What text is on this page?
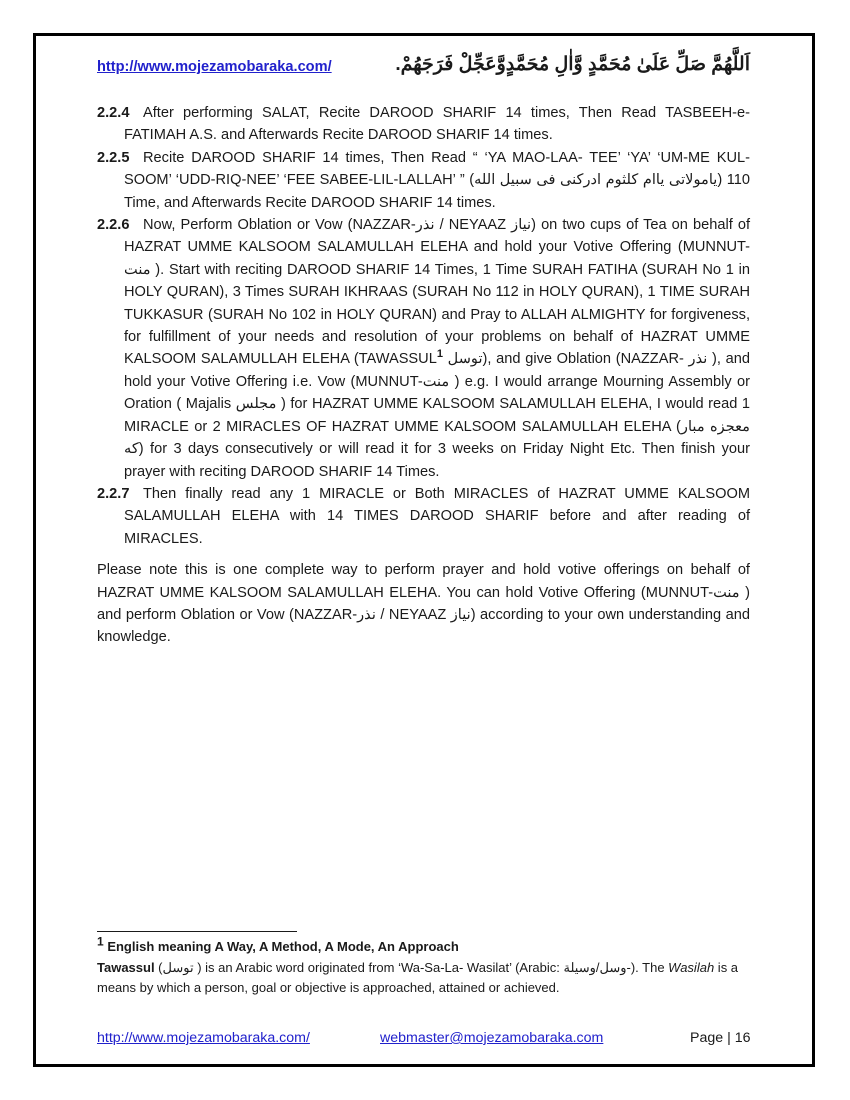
http://www.mojezamobaraka.com/	اَللَّهُمَّ صَلِّ عَلَىٰ مُحَمَّدٍ وَّاٰلِ مُحَمَّدٍوَّعَجِّلْ فَرَجَهُمْ.
2.2.4 After performing SALAT, Recite DAROOD SHARIF 14 times, Then Read TASBEEH-e-FATIMAH A.S. and Afterwards Recite DAROOD SHARIF 14 times.
2.2.5 Recite DAROOD SHARIF 14 times, Then Read “ ‘YA MAO-LAA- TEE’ ‘YA’ ‘UM-ME KUL-SOOM’ ‘UDD-RIQ-NEE’ ‘FEE SABEE-LIL-LALLAH’ ” (يامولاتى ياام كلثوم ادركنى فى سبيل الله) 110 Time, and Afterwards Recite DAROOD SHARIF 14 times.
2.2.6 Now, Perform Oblation or Vow (NAZZAR-نذر / NEYAAZ نياز) on two cups of Tea on behalf of HAZRAT UMME KALSOOM SALAMULLAH ELEHA and hold your Votive Offering (MUNNUT-منت ). Start with reciting DAROOD SHARIF 14 Times, 1 Time SURAH FATIHA (SURAH No 1 in HOLY QURAN), 3 Times SURAH IKHRAAS (SURAH No 112 in HOLY QURAN), 1 TIME SURAH TUKKASUR (SURAH No 102 in HOLY QURAN) and Pray to ALLAH ALMIGHTY for forgiveness, for fulfillment of your needs and resolution of your problems on behalf of HAZRAT UMME KALSOOM SALAMULLAH ELEHA (TAWASSUL$^1$ توسل), and give Oblation (NAZZAR- نذر ), and hold your Votive Offering i.e. Vow (MUNNUT-منت ) e.g. I would arrange Mourning Assembly or Oration ( Majalis مجلس ) for HAZRAT UMME KALSOOM SALAMULLAH ELEHA, I would read 1 MIRACLE or 2 MIRACLES OF HAZRAT UMME KALSOOM SALAMULLAH ELEHA (معجزه مبار كه) for 3 days consecutively or will read it for 3 weeks on Friday Night Etc. Then finish your prayer with reciting DAROOD SHARIF 14 Times.
2.2.7 Then finally read any 1 MIRACLE or Both MIRACLES of HAZRAT UMME KALSOOM SALAMULLAH ELEHA with 14 TIMES DAROOD SHARIF before and after reading of MIRACLES.
Please note this is one complete way to perform prayer and hold votive offerings on behalf of HAZRAT UMME KALSOOM SALAMULLAH ELEHA. You can hold Votive Offering (MUNNUT-منت ) and perform Oblation or Vow (NAZZAR-نذر / NEYAAZ نياز) according to your own understanding and knowledge.
$^1$ English meaning A Way, A Method, A Mode, An Approach
Tawassul (توسل ) is an Arabic word originated from ‘Wa-Sa-La- Wasilat’ (Arabic: وسل/وسيلة-). The Wasilah is a means by which a person, goal or objective is approached, attained or achieved.
http://www.mojezamobaraka.com/	webmaster@mojezamobaraka.com	Page | 16
